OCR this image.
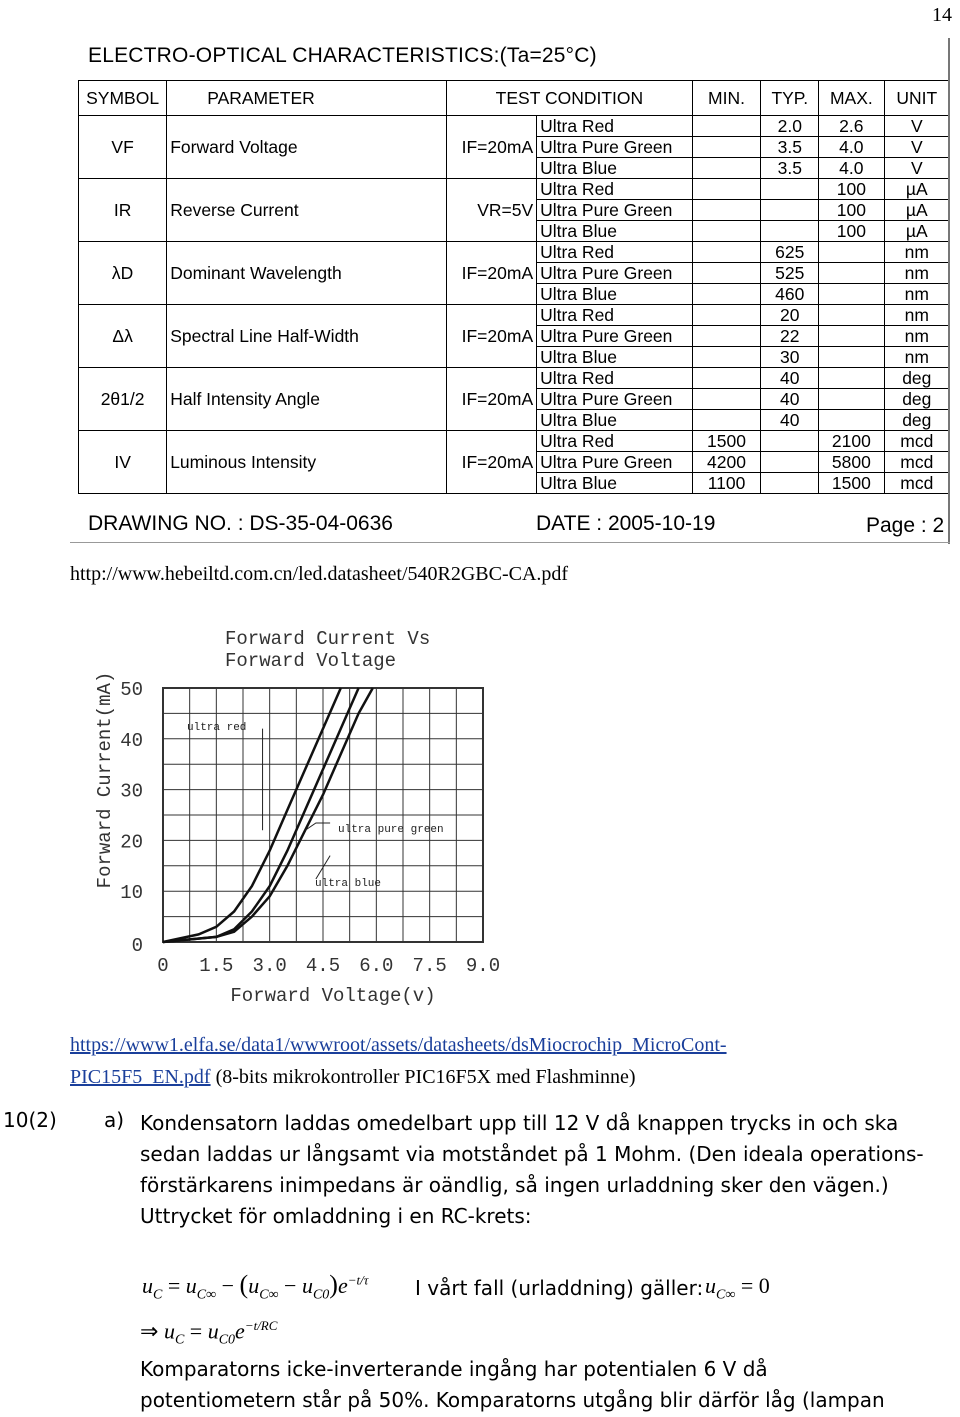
14
ELECTRO-OPTICAL CHARACTERISTICS:(Ta=25°C)
SYMBOL	PARAMETER	TEST CONDITION		MIN.	TYP.	MAX.	UNIT
VF	Forward Voltage	IF=20mA	Ultra Red		2.0	2.6	V
			Ultra Pure Green		3.5	4.0	V
			Ultra Blue		3.5	4.0	V
IR	Reverse Current	VR=5V	Ultra Red			100	µA
			Ultra Pure Green			100	µA
			Ultra Blue			100	µA
λD	Dominant Wavelength	IF=20mA	Ultra Red		625		nm
			Ultra Pure Green		525		nm
			Ultra Blue		460		nm
Δλ	Spectral Line Half-Width	IF=20mA	Ultra Red		20		nm
			Ultra Pure Green		22		nm
			Ultra Blue		30		nm
2θ1/2	Half Intensity Angle	IF=20mA	Ultra Red		40		deg
			Ultra Pure Green		40		deg
			Ultra Blue		40		deg
IV	Luminous Intensity	IF=20mA	Ultra Red	1500		2100	mcd
			Ultra Pure Green	4200		5800	mcd
			Ultra Blue	1100		1500	mcd
DRAWING NO. : DS-35-04-0636	DATE : 2005-10-19	Page : 2
http://www.hebeiltd.com.cn/led.datasheet/540R2GBC-CA.pdf
Forward Current Vs
Forward Voltage
0 1.5 3.0 4.5 6.0 7.5 9.0
0
10
20
30
40
50
Forward Voltage(v)
Forward Current(mA)	ultra red
ultra pure green
ultra blue
https://www1.elfa.se/data1/wwwroot/assets/datasheets/dsMiocrochip_MicroCont-
PIC15F5_EN.pdf (8-bits mikrokontroller PIC16F5X med Flashminne)
10(2) a) Kondensatorn laddas omedelbart upp till 12 V då knappen trycks in och ska
sedan laddas ur långsamt via motståndet på 1 Mohm. (Den ideala operations-
förstärkarens inimpedans är oändlig, så ingen urladdning sker den vägen.)
Uttrycket för omladdning i en RC-krets:
$u_C = u_{C\infty} - (u_{C\infty} - u_{C0})e^{-t/\tau}$ I vårt fall (urladdning) gäller: $u_{C\infty} = 0$
⇒ $u_C = u_{C0}e^{-t/RC}$
Komparatorns icke-inverterande ingång har potentialen 6 V då
potentiometern står på 50%. Komparatorns utgång blir därför låg (lampan
